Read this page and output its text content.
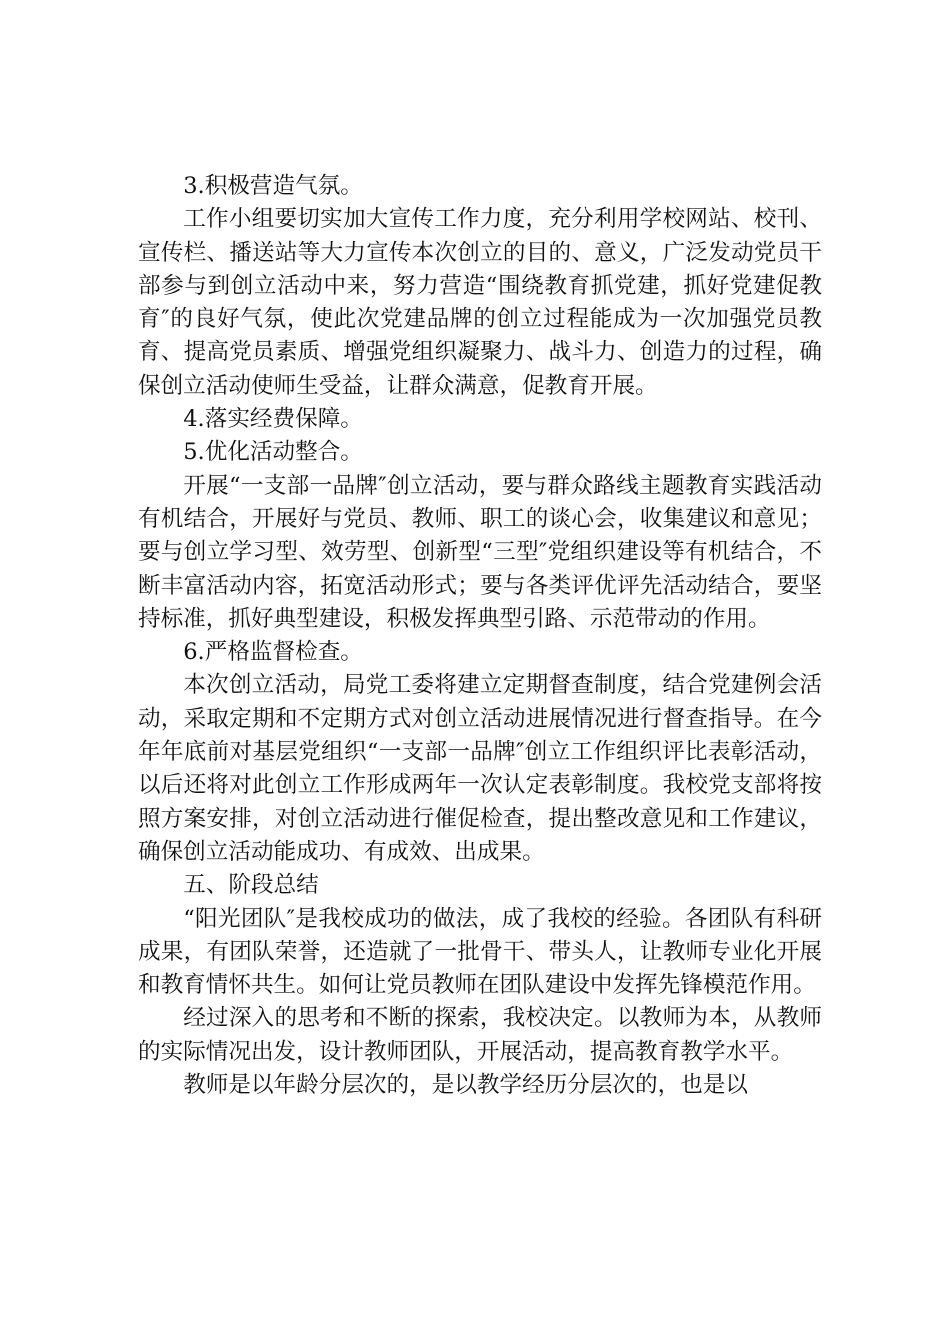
3.积极营造气氛。

工作小组要切实加大宣传工作力度，充分利用学校网站、校刊、宣传栏、播送站等大力宣传本次创立的目的、意义，广泛发动党员干部参与到创立活动中来，努力营造“围绕教育抓党建，抓好党建促教育″的良好气氛，使此次党建品牌的创立过程能成为一次加强党员教育、提高党员素质、增强党组织凝聚力、战斗力、创造力的过程，确保创立活动使师生受益，让群众满意，促教育开展。

4.落实经费保障。

5.优化活动整合。

开展“一支部一品牌″创立活动，要与群众路线主题教育实践活动有机结合，开展好与党员、教师、职工的谈心会，收集建议和意见；要与创立学习型、效劳型、创新型“三型″党组织建设等有机结合，不断丰富活动内容，拓宽活动形式；要与各类评优评先活动结合，要坚持标准，抓好典型建设，积极发挥典型引路、示范带动的作用。

6.严格监督检查。

本次创立活动，局党工委将建立定期督查制度，结合党建例会活动，采取定期和不定期方式对创立活动进展情况进行督查指导。在今年年底前对基层党组织“一支部一品牌″创立工作组织评比表彰活动，以后还将对此创立工作形成两年一次认定表彰制度。我校党支部将按照方案安排，对创立活动进行催促检查，提出整改意见和工作建议，确保创立活动能成功、有成效、出成果。

五、阶段总结

“阳光团队″是我校成功的做法，成了我校的经验。各团队有科研成果，有团队荣誉，还造就了一批骨干、带头人，让教师专业化开展和教育情怀共生。如何让党员教师在团队建设中发挥先锋模范作用。

经过深入的思考和不断的探索，我校决定。以教师为本，从教师的实际情况出发，设计教师团队，开展活动，提高教育教学水平。

教师是以年龄分层次的，是以教学经历分层次的，也是以
